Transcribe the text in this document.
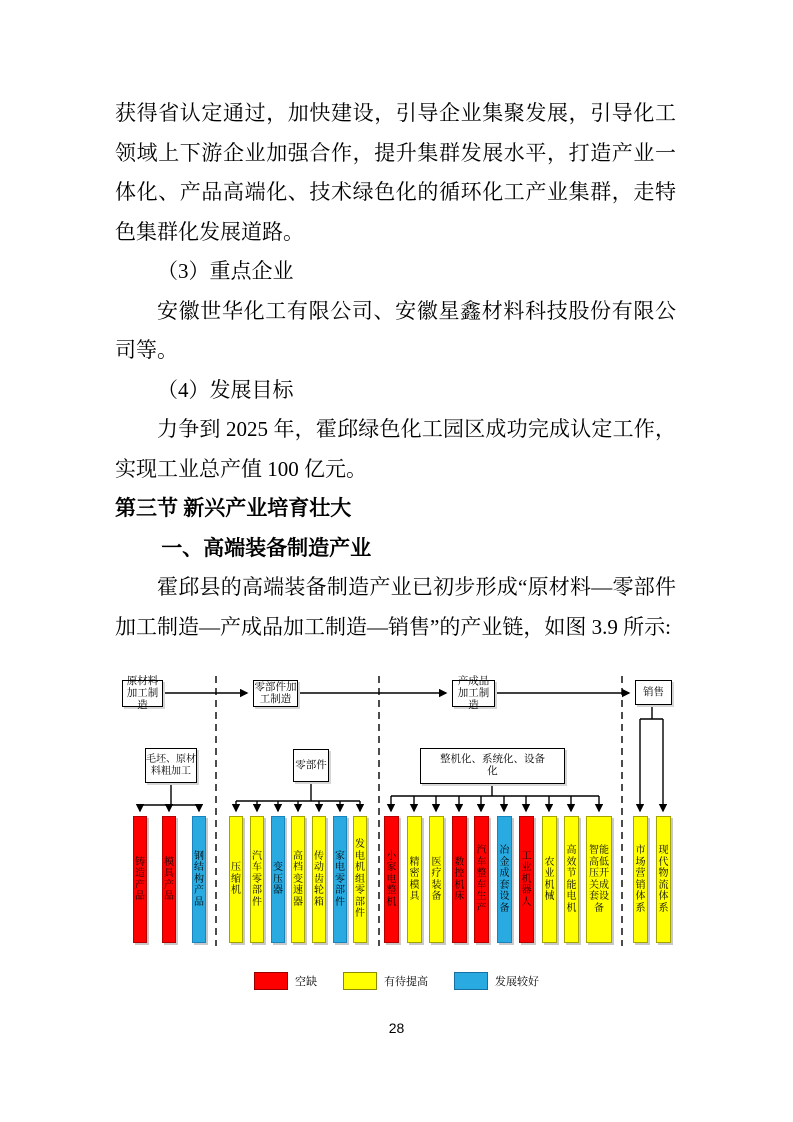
获得省认定通过，加快建设，引导企业集聚发展，引导化工领域上下游企业加强合作，提升集群发展水平，打造产业一体化、产品高端化、技术绿色化的循环化工产业集群，走特色集群化发展道路。

（3）重点企业

安徽世华化工有限公司、安徽星鑫材料科技股份有限公司等。

（4）发展目标

力争到 2025 年，霍邱绿色化工园区成功完成认定工作，实现工业总产值 100 亿元。

第三节 新兴产业培育壮大

一、高端装备制造产业

霍邱县的高端装备制造产业已初步形成“原材料—零部件加工制造—产成品加工制造—销售”的产业链，如图 3.9 所示:

原材料加工制造
零部件加工制造
产成品加工制造
销售
毛坯、原材料粗加工
零部件	整机化、系统化、设备化
铸造产品
模具产品
钢结构产品
压缩机
汽车零部件
变压器
高档变速器
传动齿轮箱
家电零部件
发电机组零部件
小家电整机
精密模具
医疗装备
数控机床
汽车整车生产
冶金成套设备
工业机器人
农业机械
高效节能电机
智能高低压开关成套设备
市场营销体系
现代物流体系
空缺	有待提高	发展较好
28
